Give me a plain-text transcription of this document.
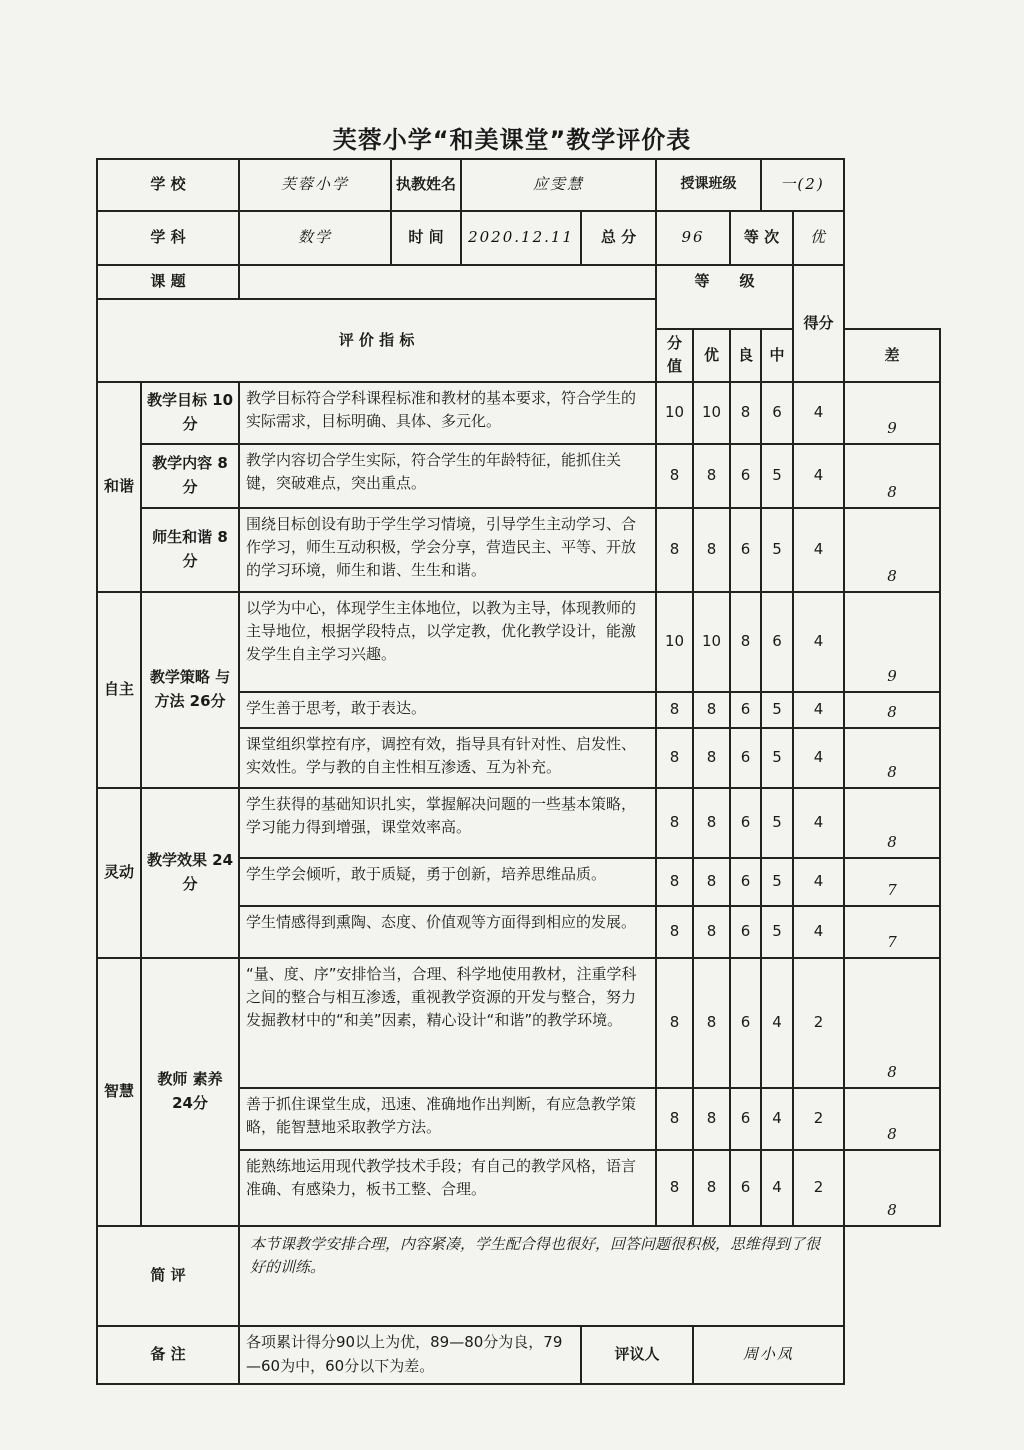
芙蓉小学“和美课堂”教学评价表
学 校		芙蓉小学	执教姓名	应雯慧		授课班级			一(2)		
学 科		数学	时 间	2020.12.11	总 分	96		等 次		优	
课 题						等　　级				得分	
评 价 指 标											
						分值	优	良	中		差
和谐	教学目标 10分	教学目标符合学科课程标准和教材的基本要求，符合学生的实际需求，目标明确、具体、多元化。				10	10	8	6	4	9
	教学内容 8分	教学内容切合学生实际，符合学生的年龄特征，能抓住关键，突破难点，突出重点。				8	8	6	5	4	8
	师生和谐 8分	围绕目标创设有助于学生学习情境，引导学生主动学习、合作学习，师生互动积极，学会分享，营造民主、平等、开放的学习环境，师生和谐、生生和谐。				8	8	6	5	4	8
自主	教学策略 与 方法 26分	以学为中心，体现学生主体地位，以教为主导，体现教师的主导地位，根据学段特点，以学定教，优化教学设计，能激发学生自主学习兴趣。				10	10	8	6	4	9
		学生善于思考，敢于表达。				8	8	6	5	4	8
		课堂组织掌控有序，调控有效，指导具有针对性、启发性、实效性。学与教的自主性相互渗透、互为补充。				8	8	6	5	4	8
灵动	教学效果 24分	学生获得的基础知识扎实，掌握解决问题的一些基本策略，学习能力得到增强，课堂效率高。				8	8	6	5	4	8
		学生学会倾听，敢于质疑，勇于创新，培养思维品质。				8	8	6	5	4	7
		学生情感得到熏陶、态度、价值观等方面得到相应的发展。				8	8	6	5	4	7
智慧	教师 素养 24分	“量、度、序”安排恰当，合理、科学地使用教材，注重学科之间的整合与相互渗透，重视教学资源的开发与整合，努力发掘教材中的“和美”因素，精心设计“和谐”的教学环境。				8	8	6	4	2	8
		善于抓住课堂生成，迅速、准确地作出判断，有应急教学策略，能智慧地采取教学方法。				8	8	6	4	2	8
		能熟练地运用现代教学技术手段；有自己的教学风格，语言准确、有感染力，板书工整、合理。				8	8	6	4	2	8
简 评		本节课教学安排合理，内容紧凑，学生配合得也很好，回答问题很积极，思维得到了很好的训练。									
备 注		各项累计得分90以上为优，89—80分为良，79—60为中，60分以下为差。			评议人		周小凤				
